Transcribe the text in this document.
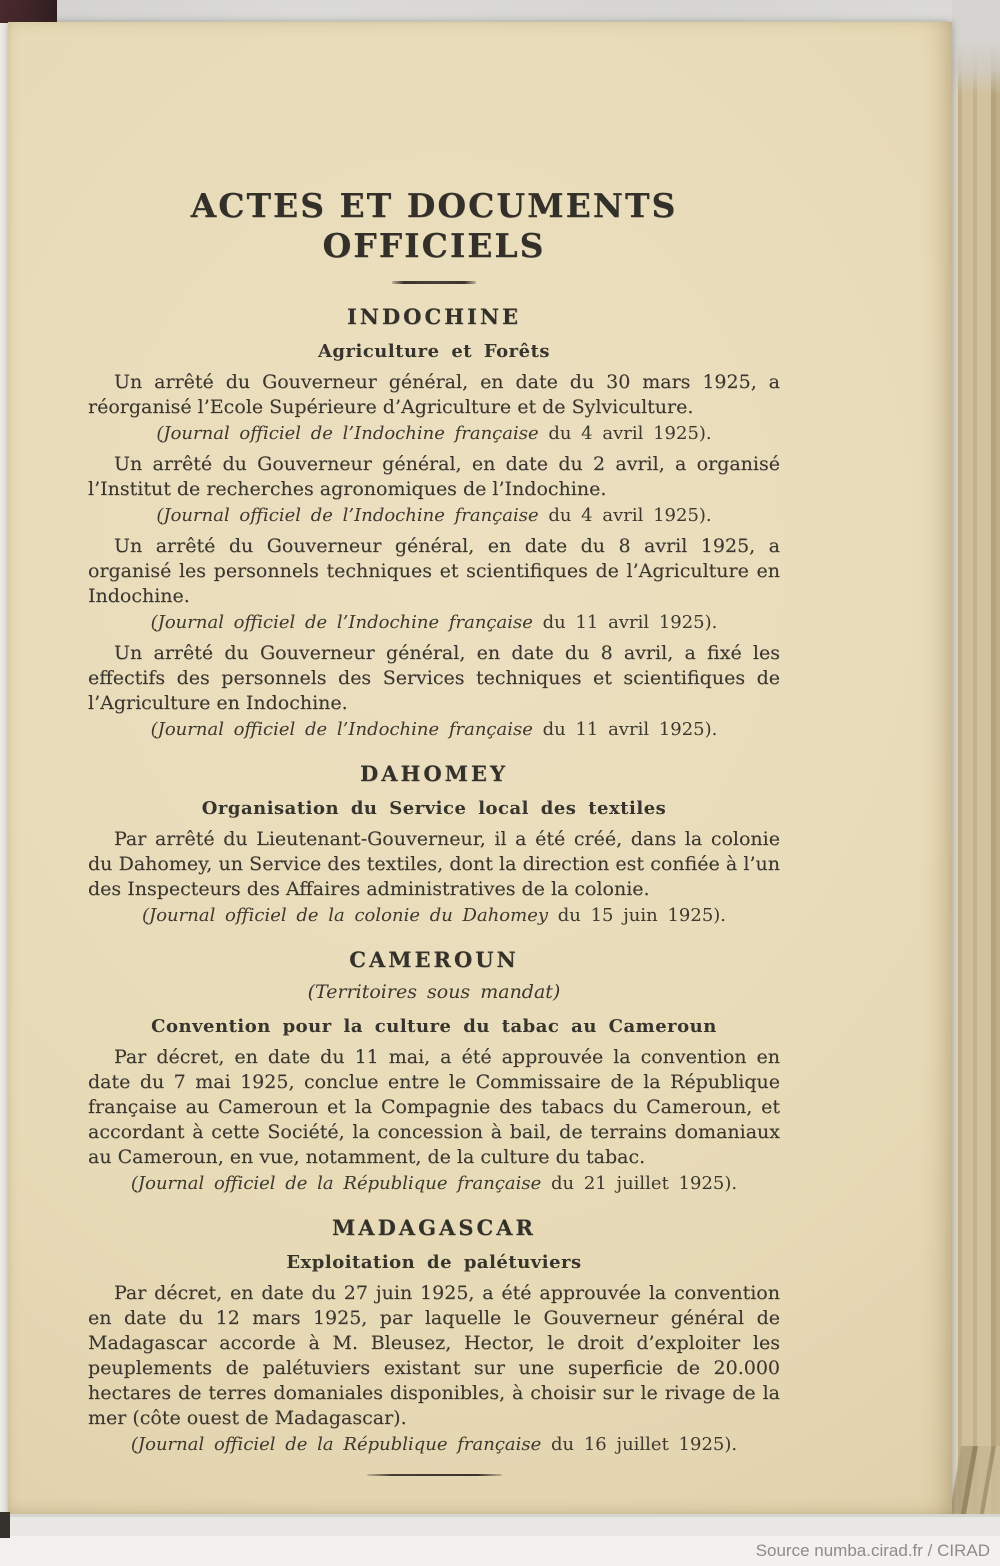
ACTES ET DOCUMENTS OFFICIELS
INDOCHINE
Agriculture et Forêts

Un arrêté du Gouverneur général, en date du 30 mars 1925, a réorganisé l’Ecole Supérieure d’Agriculture et de Sylviculture.

(Journal officiel de l’Indochine française du 4 avril 1925).

Un arrêté du Gouverneur général, en date du 2 avril, a organisé l’Institut de recherches agronomiques de l’Indochine.

(Journal officiel de l’Indochine française du 4 avril 1925).

Un arrêté du Gouverneur général, en date du 8 avril 1925, a organisé les personnels techniques et scientifiques de l’Agriculture en Indochine.

(Journal officiel de l’Indochine française du 11 avril 1925).

Un arrêté du Gouverneur général, en date du 8 avril, a fixé les effectifs des personnels des Services techniques et scientifiques de l’Agriculture en Indochine.

(Journal officiel de l’Indochine française du 11 avril 1925).

DAHOMEY
Organisation du Service local des textiles

Par arrêté du Lieutenant-Gouverneur, il a été créé, dans la colonie du Dahomey, un Service des textiles, dont la direction est confiée à l’un des Inspecteurs des Affaires administratives de la colonie.

(Journal officiel de la colonie du Dahomey du 15 juin 1925).

CAMEROUN

(Territoires sous mandat)

Convention pour la culture du tabac au Cameroun

Par décret, en date du 11 mai, a été approuvée la convention en date du 7 mai 1925, conclue entre le Commissaire de la République française au Cameroun et la Compagnie des tabacs du Cameroun, et accordant à cette Société, la concession à bail, de terrains domaniaux au Cameroun, en vue, notamment, de la culture du tabac.

(Journal officiel de la République française du 21 juillet 1925).

MADAGASCAR
Exploitation de palétuviers

Par décret, en date du 27 juin 1925, a été approuvée la convention en date du 12 mars 1925, par laquelle le Gouverneur général de Madagascar accorde à M. Bleusez, Hector, le droit d’exploiter les peuplements de palétuviers existant sur une superficie de 20.000 hectares de terres domaniales disponibles, à choisir sur le rivage de la mer (côte ouest de Madagascar).

(Journal officiel de la République française du 16 juillet 1925).

Source numba.cirad.fr / CIRAD
